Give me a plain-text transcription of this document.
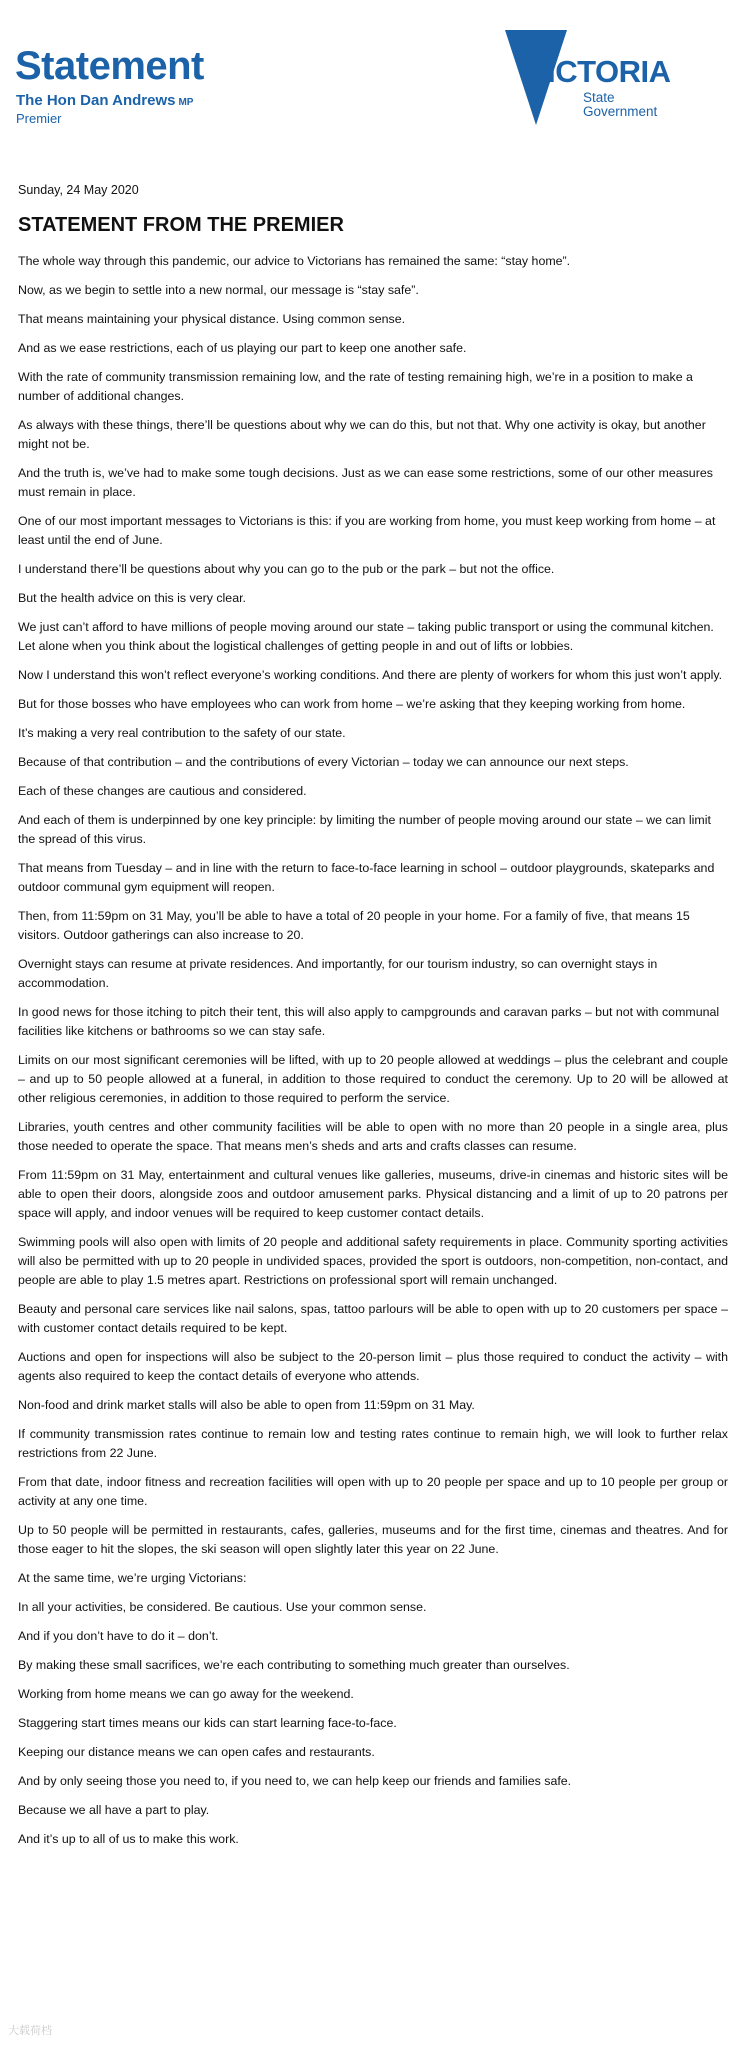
Statement
The Hon Dan Andrews MP
Premier
VICTORIA
State
Government
Sunday, 24 May 2020
STATEMENT FROM THE PREMIER

The whole way through this pandemic, our advice to Victorians has remained the same: “stay home”.

Now, as we begin to settle into a new normal, our message is “stay safe”.

That means maintaining your physical distance. Using common sense.

And as we ease restrictions, each of us playing our part to keep one another safe.

With the rate of community transmission remaining low, and the rate of testing remaining high, we’re in a position to make a number of additional changes.

As always with these things, there’ll be questions about why we can do this, but not that. Why one activity is okay, but another might not be.

And the truth is, we’ve had to make some tough decisions. Just as we can ease some restrictions, some of our other measures must remain in place.

One of our most important messages to Victorians is this: if you are working from home, you must keep working from home – at least until the end of June.

I understand there’ll be questions about why you can go to the pub or the park – but not the office.

But the health advice on this is very clear.

We just can’t afford to have millions of people moving around our state – taking public transport or using the communal kitchen. Let alone when you think about the logistical challenges of getting people in and out of lifts or lobbies.

Now I understand this won’t reflect everyone’s working conditions. And there are plenty of workers for whom this just won’t apply.

But for those bosses who have employees who can work from home – we’re asking that they keeping working from home.

It’s making a very real contribution to the safety of our state.

Because of that contribution – and the contributions of every Victorian – today we can announce our next steps.

Each of these changes are cautious and considered.

And each of them is underpinned by one key principle: by limiting the number of people moving around our state – we can limit the spread of this virus.

That means from Tuesday – and in line with the return to face-to-face learning in school – outdoor playgrounds, skateparks and outdoor communal gym equipment will reopen.

Then, from 11:59pm on 31 May, you’ll be able to have a total of 20 people in your home. For a family of five, that means 15 visitors. Outdoor gatherings can also increase to 20.

Overnight stays can resume at private residences. And importantly, for our tourism industry, so can overnight stays in accommodation.

In good news for those itching to pitch their tent, this will also apply to campgrounds and caravan parks – but not with communal facilities like kitchens or bathrooms so we can stay safe.

Limits on our most significant ceremonies will be lifted, with up to 20 people allowed at weddings – plus the celebrant and couple – and up to 50 people allowed at a funeral, in addition to those required to conduct the ceremony. Up to 20 will be allowed at other religious ceremonies, in addition to those required to perform the service.

Libraries, youth centres and other community facilities will be able to open with no more than 20 people in a single area, plus those needed to operate the space. That means men’s sheds and arts and crafts classes can resume.

From 11:59pm on 31 May, entertainment and cultural venues like galleries, museums, drive-in cinemas and historic sites will be able to open their doors, alongside zoos and outdoor amusement parks. Physical distancing and a limit of up to 20 patrons per space will apply, and indoor venues will be required to keep customer contact details.

Swimming pools will also open with limits of 20 people and additional safety requirements in place. Community sporting activities will also be permitted with up to 20 people in undivided spaces, provided the sport is outdoors, non-competition, non-contact, and people are able to play 1.5 metres apart. Restrictions on professional sport will remain unchanged.

Beauty and personal care services like nail salons, spas, tattoo parlours will be able to open with up to 20 customers per space – with customer contact details required to be kept.

Auctions and open for inspections will also be subject to the 20-person limit – plus those required to conduct the activity – with agents also required to keep the contact details of everyone who attends.

Non-food and drink market stalls will also be able to open from 11:59pm on 31 May.

If community transmission rates continue to remain low and testing rates continue to remain high, we will look to further relax restrictions from 22 June.

From that date, indoor fitness and recreation facilities will open with up to 20 people per space and up to 10 people per group or activity at any one time.

Up to 50 people will be permitted in restaurants, cafes, galleries, museums and for the first time, cinemas and theatres. And for those eager to hit the slopes, the ski season will open slightly later this year on 22 June.

At the same time, we’re urging Victorians:

In all your activities, be considered. Be cautious. Use your common sense.

And if you don’t have to do it – don’t.

By making these small sacrifices, we’re each contributing to something much greater than ourselves.

Working from home means we can go away for the weekend.

Staggering start times means our kids can start learning face-to-face.

Keeping our distance means we can open cafes and restaurants.

And by only seeing those you need to, if you need to, we can help keep our friends and families safe.

Because we all have a part to play.

And it’s up to all of us to make this work.

大载荷档
